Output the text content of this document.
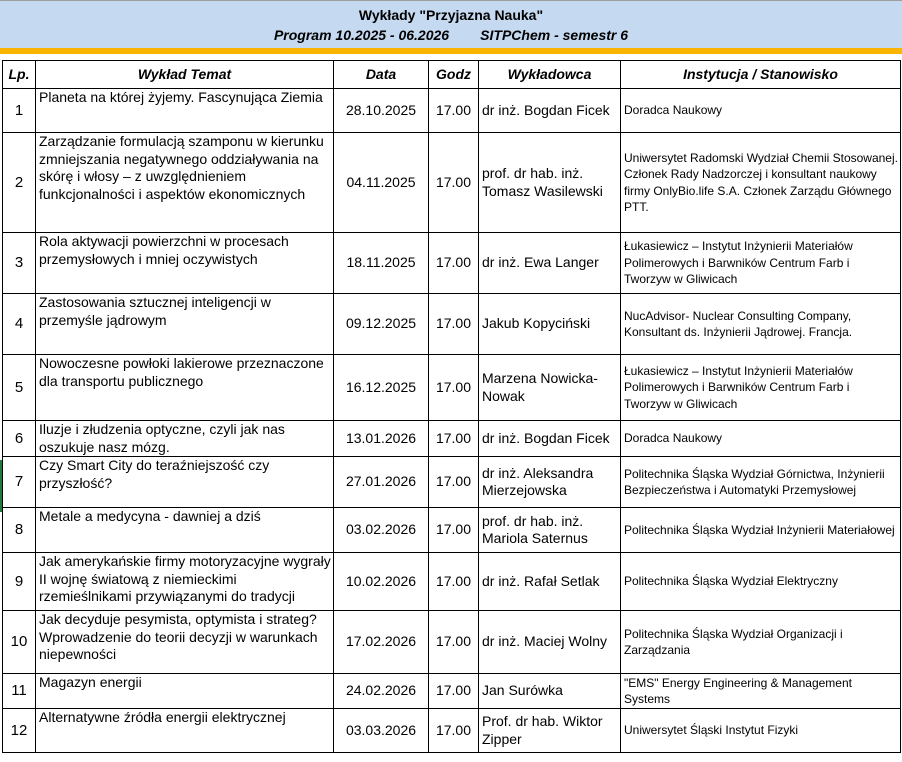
Wykłady "Przyjazna Nauka"
Program 10.2025 - 06.2026        SITPChem - semestr 6
Lp.	Wykład Temat	Data	Godz	Wykładowca	Instytucja / Stanowisko
1	Planeta na której żyjemy. Fascynująca Ziemia	28.10.2025	17.00	dr inż. Bogdan Ficek	Doradca Naukowy
2	Zarządzanie formulacją szamponu w kierunku zmniejszania negatywnego oddziaływania na skórę i włosy – z uwzględnieniem funkcjonalności i aspektów ekonomicznych	04.11.2025	17.00	prof. dr hab. inż. Tomasz Wasilewski	Uniwersytet Radomski Wydział Chemii Stosowanej. Członek Rady Nadzorczej i konsultant naukowy firmy OnlyBio.life S.A. Członek Zarządu Głównego PTT.
3	Rola aktywacji powierzchni w procesach przemysłowych i mniej oczywistych	18.11.2025	17.00	dr inż. Ewa Langer	Łukasiewicz – Instytut Inżynierii Materiałów Polimerowych i Barwników Centrum Farb i Tworzyw w Gliwicach
4	Zastosowania sztucznej inteligencji w przemyśle jądrowym	09.12.2025	17.00	Jakub Kopyciński	NucAdvisor- Nuclear Consulting Company, Konsultant ds. Inżynierii Jądrowej. Francja.
5	Nowoczesne powłoki lakierowe przeznaczone dla transportu publicznego	16.12.2025	17.00	Marzena Nowicka-Nowak	Łukasiewicz – Instytut Inżynierii Materiałów Polimerowych i Barwników Centrum Farb i Tworzyw w Gliwicach
6	Iluzje i złudzenia optyczne, czyli jak nas oszukuje nasz mózg.	13.01.2026	17.00	dr inż. Bogdan Ficek	Doradca Naukowy
7	Czy Smart City do teraźniejszość czy przyszłość?	27.01.2026	17.00	dr inż. Aleksandra Mierzejowska	Politechnika Śląska Wydział Górnictwa, Inżynierii Bezpieczeństwa i Automatyki Przemysłowej
8	Metale a medycyna - dawniej a dziś	03.02.2026	17.00	prof. dr hab. inż. Mariola Saternus	Politechnika Śląska Wydział Inżynierii Materiałowej
9	Jak amerykańskie firmy motoryzacyjne wygrały II wojnę światową z niemieckimi rzemieślnikami przywiązanymi do tradycji	10.02.2026	17.00	dr inż. Rafał Setlak	Politechnika Śląska Wydział Elektryczny
10	Jak decyduje pesymista, optymista i strateg? Wprowadzenie do teorii decyzji w warunkach niepewności	17.02.2026	17.00	dr inż. Maciej Wolny	Politechnika Śląska Wydział Organizacji i Zarządzania
11	Magazyn energii	24.02.2026	17.00	Jan Surówka	"EMS" Energy Engineering & Management Systems
12	Alternatywne źródła energii elektrycznej	03.03.2026	17.00	Prof. dr hab. Wiktor Zipper	Uniwersytet Śląski Instytut Fizyki
